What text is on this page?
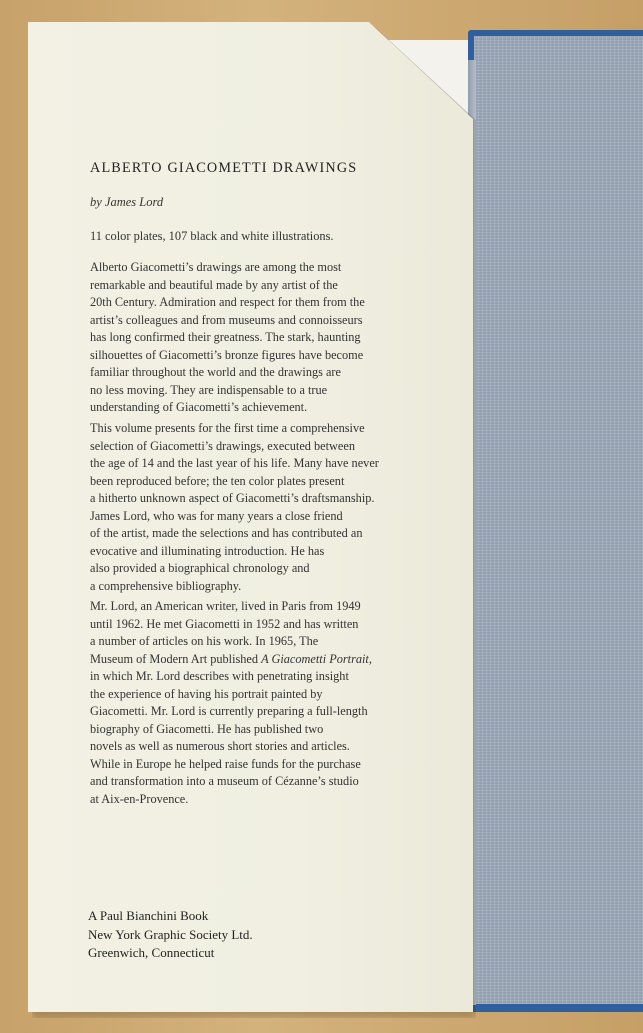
ALBERTO GIACOMETTI DRAWINGS
by James Lord
11 color plates, 107 black and white illustrations.
Alberto Giacometti’s drawings are among the most
remarkable and beautiful made by any artist of the
20th Century. Admiration and respect for them from the
artist’s colleagues and from museums and connoisseurs
has long confirmed their greatness. The stark, haunting
silhouettes of Giacometti’s bronze figures have become
familiar throughout the world and the drawings are
no less moving. They are indispensable to a true
understanding of Giacometti’s achievement.
This volume presents for the first time a comprehensive
selection of Giacometti’s drawings, executed between
the age of 14 and the last year of his life. Many have never
been reproduced before; the ten color plates present
a hitherto unknown aspect of Giacometti’s draftsmanship.
James Lord, who was for many years a close friend
of the artist, made the selections and has contributed an
evocative and illuminating introduction. He has
also provided a biographical chronology and
a comprehensive bibliography.
Mr. Lord, an American writer, lived in Paris from 1949
until 1962. He met Giacometti in 1952 and has written
a number of articles on his work. In 1965, The
Museum of Modern Art published A Giacometti Portrait,
in which Mr. Lord describes with penetrating insight
the experience of having his portrait painted by
Giacometti. Mr. Lord is currently preparing a full-length
biography of Giacometti. He has published two
novels as well as numerous short stories and articles.
While in Europe he helped raise funds for the purchase
and transformation into a museum of Cézanne’s studio
at Aix-en-Provence.
A Paul Bianchini Book
New York Graphic Society Ltd.
Greenwich, Connecticut
